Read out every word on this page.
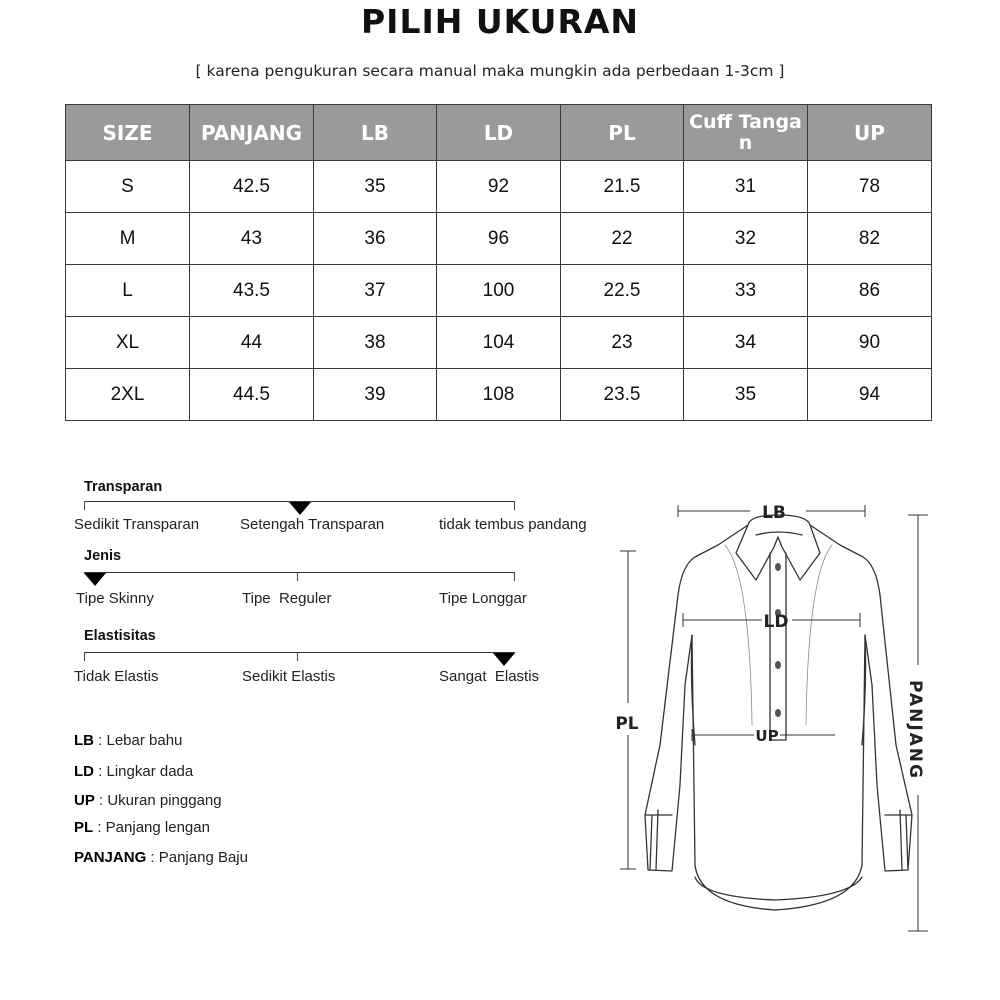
PILIH UKURAN
[ karena pengukuran secara manual maka mungkin ada perbedaan 1-3cm ]
SIZE	PANJANG	LB	LD	PL	Cuff Tangan	UP
S	42.5	35	92	21.5	31	78
M	43	36	96	22	32	82
L	43.5	37	100	22.5	33	86
XL	44	38	104	23	34	90
2XL	44.5	39	108	23.5	35	94
Transparan
Sedikit Transparan	Setengah Transparan	tidak tembus pandang
Jenis
Tipe Skinny	Tipe  Reguler	Tipe Longgar
Elastisitas
Tidak Elastis	Sedikit Elastis	Sangat  Elastis
LB : Lebar bahu
LD : Lingkar dada
UP : Ukuran pinggang
PL : Panjang lengan
PANJANG : Panjang Baju
LB
LD
UP
PL	PANJANG
